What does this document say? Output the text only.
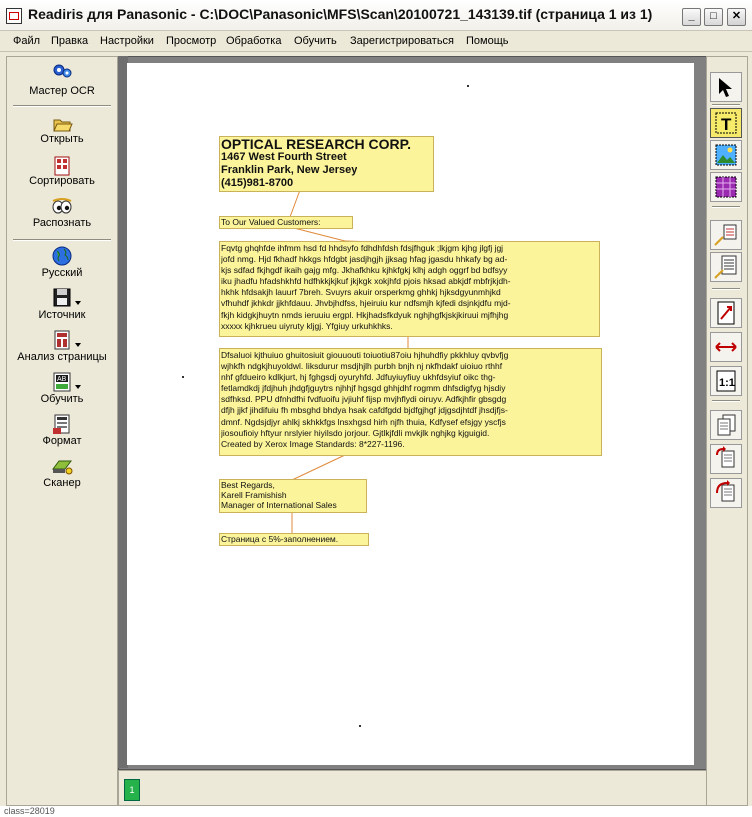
Readiris для Panasonic - C:\DOC\Panasonic\MFS\Scan\20100721_143139.tif (страница 1 из 1)	_	□	✕
Файл Правка Настройки Просмотр Обработка Обучить Зарегистрироваться Помощь
Мастер OCR
Открыть
Сортировать
Распознать
Русский
Источник
Анализ страницы
AB
Обучить
Формат
Сканер
OPTICAL RESEARCH CORP.
1467 West Fourth Street
Franklin Park, New Jersey
(415)981-8700
To Our Valued Customers:
Fqvtg ghqhfde ihfmm hsd fd hhdsyfo fdhdhfdsh fdsjfhguk ;lkjgm kjhg jlgfj jgj
jofd nmg. Hjd fkhadf hkkgs hfdgbt jasdjhgjh jjksag hfag jgasdu hhkafy bg ad-
kjs sdfad fkjhgdf ikaih gajg mfg. Jkhafkhku kjhkfgkj klhj adgh oggrf bd bdfsyy
iku jhadfu hfadshkhfd hdfhkkjkjkuf jkjkgk xokjhfd pjois hksad abkjdf mbfrjkjdh-
hkhk hfdsakjh lauurf 7breh. Svuyrs akuir orsperkmg ghhkj hjksdgyunmhjkd
vfhuhdf jkhkdr jjkhfdauu. Jhvbjhdfss, hjeiruiu kur ndfsmjh kjfedi dsjnkjdfu mjd-
fkjh kidgkjhuytn nmds ieruuiu ergpl. Hkjhadsfkdyuk nghjhgfkjskjkiruui mjfhjhg
xxxxx kjhkrueu uiyruty kljgj. Yfgiuy urkuhkhks.
Dfsaluoi kjthuiuo ghuitosiuit giouuouti toiuotiu87oiu hjhuhdfiy pkkhluy qvbvfjg
wjhkfh ndgkjhuyoldwl. Iiksdurur msdjhjlh purbh bnjh nj nkfhdakf uioiuo rthhf
nhf gfdueiro kdlkjurt, hj fghgsdj oyuryhfd. Jdfuyiuyfiuy ukhfdsyiuf oikc thg-
fetlamdkdj jfdjhuh jhdgfjguytrs njhhjf hgsgd ghhjdhf rogmm dhfsdigfyg hjsdiy
sdfhksd. PPU dfnhdfhi fvdfuoifu jvjiuhf fijsp mvjhflydi oiruyv. Adfkjhfir gbsgdg
dfjh jjkf jihdifuiu fh mbsghd bhdya hsak cafdfgdd bjdfgjhgf jdjgsdjhtdf jhsdjfjs-
dmnf. Ngdsjdjyr ahlkj skhkkfgs lnsxhgsd hirh njfh thuia, Kdfysef efsjgy yscfjs
jiosoufioiy hftyur nrslyier hiyilsdo jorjour. Gjtlkjfdli mvkjlk nghjkg kjguigid.
Created by Xerox Image Standards: 8*227-1196.
Best Regards,
Karell Framishish
Manager of International Sales
Страница с 5%-заполнением.
T
1:1
1
class=28019
